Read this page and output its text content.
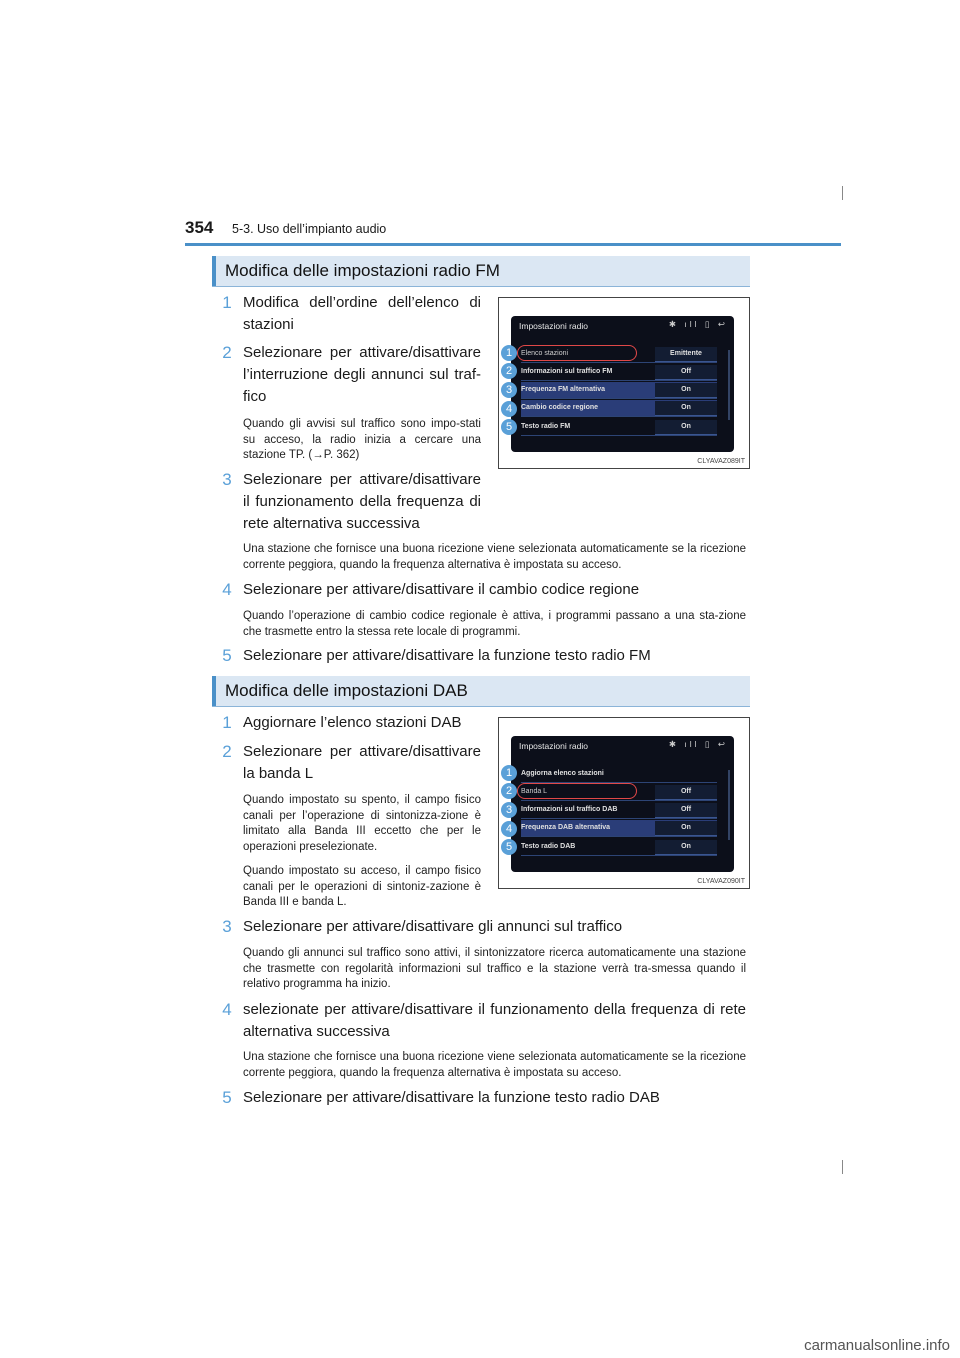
354 5-3. Uso dell’impianto audio
Modifica delle impostazioni radio FM
1 Modifica dell’ordine dell’elenco di stazioni
2 Selezionare per attivare/disattivare l’interruzione degli annunci sul traf-fico
Quando gli avvisi sul traffico sono impo-stati su acceso, la radio inizia a cercare una stazione TP. (→P. 362)
3 Selezionare per attivare/disattivare il funzionamento della frequenza di rete alternativa successiva
Una stazione che fornisce una buona ricezione viene selezionata automaticamente se la ricezione corrente peggiora, quando la frequenza alternativa è impostata su acceso.
4 Selezionare per attivare/disattivare il cambio codice regione
Quando l’operazione di cambio codice regionale è attiva, i programmi passano a una sta-zione che trasmette entro la stessa rete locale di programmi.
5 Selezionare per attivare/disattivare la funzione testo radio FM
Impostazioni radio	✱ ıll ▯ ↩
Elenco stazioni	Emittente
Informazioni sul traffico FM	Off
Frequenza FM alternativa	On
Cambio codice regione	On
Testo radio FM	On
1
2
3
4
5
CLYAVAZ089IT
Modifica delle impostazioni DAB
1 Aggiornare l’elenco stazioni DAB
2 Selezionare per attivare/disattivare la banda L
Quando impostato su spento, il campo fisico canali per l’operazione di sintonizza-zione è limitato alla Banda III eccetto che per le operazioni preselezionate.
Quando impostato su acceso, il campo fisico canali per le operazioni di sintoniz-zazione è Banda III e banda L.
3 Selezionare per attivare/disattivare gli annunci sul traffico
Quando gli annunci sul traffico sono attivi, il sintonizzatore ricerca automaticamente una stazione che trasmette con regolarità informazioni sul traffico e la stazione verrà tra-smessa quando il relativo programma ha inizio.
4 selezionate per attivare/disattivare il funzionamento della frequenza di rete alternativa successiva
Una stazione che fornisce una buona ricezione viene selezionata automaticamente se la ricezione corrente peggiora, quando la frequenza alternativa è impostata su acceso.
5 Selezionare per attivare/disattivare la funzione testo radio DAB
Impostazioni radio	✱ ıll ▯ ↩
Aggiorna elenco stazioni
Banda L	Off
Informazioni sul traffico DAB	Off
Frequenza DAB alternativa	On
Testo radio DAB	On
1
2
3
4
5
CLYAVAZ090IT
carmanualsonline.info
